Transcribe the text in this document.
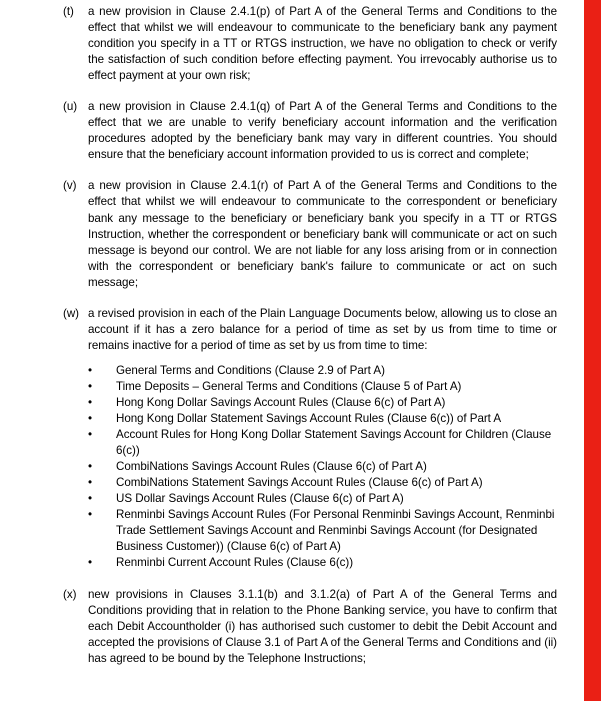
(t)	a new provision in Clause 2.4.1(p) of Part A of the General Terms and Conditions to the effect that whilst we will endeavour to communicate to the beneficiary bank any payment condition you specify in a TT or RTGS instruction, we have no obligation to check or verify the satisfaction of such condition before effecting payment. You irrevocably authorise us to effect payment at your own risk;
(u) a new provision in Clause 2.4.1(q) of Part A of the General Terms and Conditions to the effect that we are unable to verify beneficiary account information and the verification procedures adopted by the beneficiary bank may vary in different countries. You should ensure that the beneficiary account information provided to us is correct and complete;
(v) a new provision in Clause 2.4.1(r) of Part A of the General Terms and Conditions to the effect that whilst we will endeavour to communicate to the correspondent or beneficiary bank any message to the beneficiary or beneficiary bank you specify in a TT or RTGS Instruction, whether the correspondent or beneficiary bank will communicate or act on such message is beyond our control. We are not liable for any loss arising from or in connection with the correspondent or beneficiary bank's failure to communicate or act on such message;
(w) a revised provision in each of the Plain Language Documents below, allowing us to close an account if it has a zero balance for a period of time as set by us from time to time or remains inactive for a period of time as set by us from time to time:
•	General Terms and Conditions (Clause 2.9 of Part A)
•	Time Deposits – General Terms and Conditions (Clause 5 of Part A)
•	Hong Kong Dollar Savings Account Rules (Clause 6(c) of Part A)
•	Hong Kong Dollar Statement Savings Account Rules (Clause 6(c)) of Part A
•	Account Rules for Hong Kong Dollar Statement Savings Account for Children (Clause 6(c))
•	CombiNations Savings Account Rules (Clause 6(c) of Part A)
•	CombiNations Statement Savings Account Rules (Clause 6(c) of Part A)
•	US Dollar Savings Account Rules (Clause 6(c) of Part A)
•	Renminbi Savings Account Rules (For Personal Renminbi Savings Account, Renminbi Trade Settlement Savings Account and Renminbi Savings Account (for Designated Business Customer)) (Clause 6(c) of Part A)
•	Renminbi Current Account Rules (Clause 6(c))
(x) new provisions in Clauses 3.1.1(b) and 3.1.2(a) of Part A of the General Terms and Conditions providing that in relation to the Phone Banking service, you have to confirm that each Debit Accountholder (i) has authorised such customer to debit the Debit Account and accepted the provisions of Clause 3.1 of Part A of the General Terms and Conditions and (ii) has agreed to be bound by the Telephone Instructions;
